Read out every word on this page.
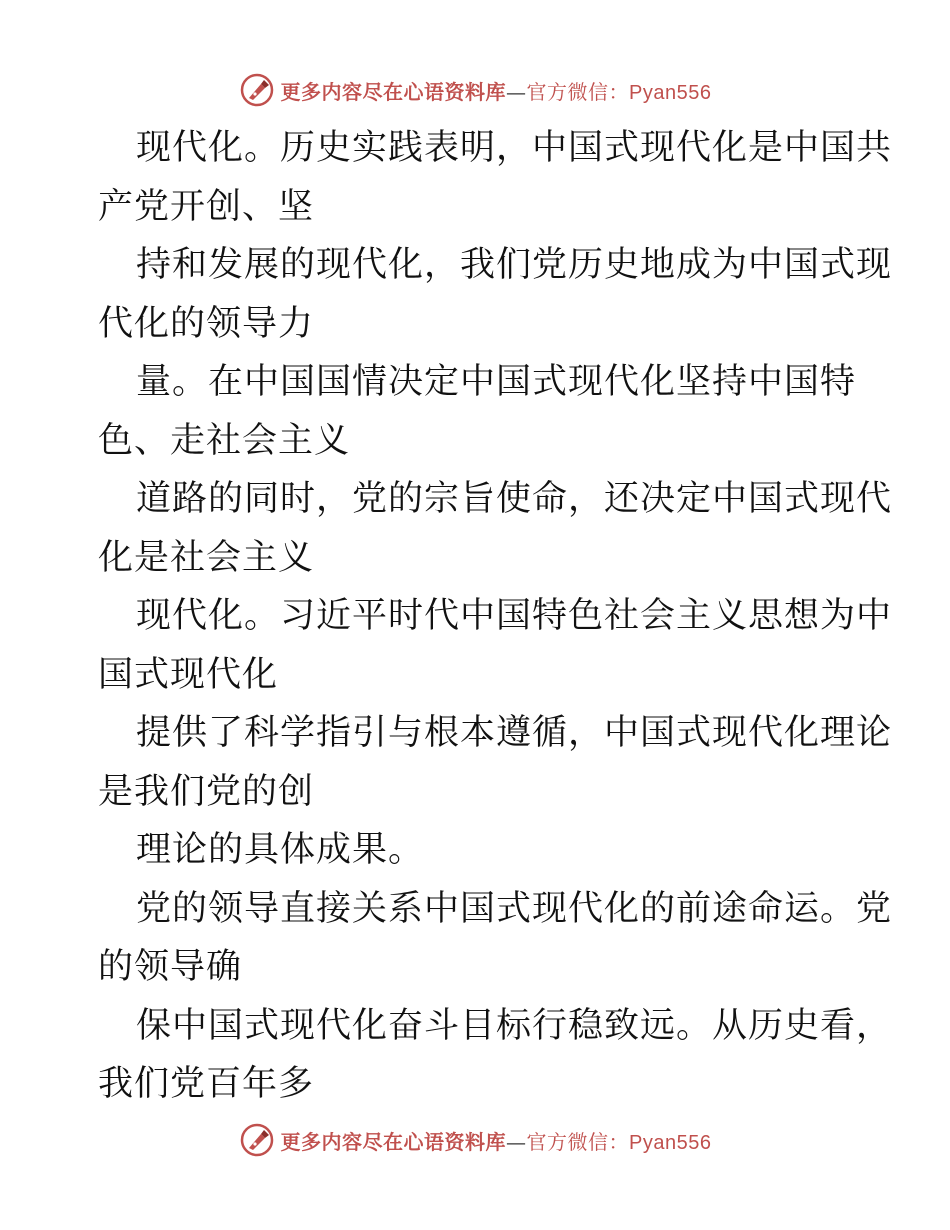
更多内容尽在心语资料库—官方微信：Pyan556
现代化。历史实践表明，中国式现代化是中国共
产党开创、坚
持和发展的现代化，我们党历史地成为中国式现
代化的领导力
量。在中国国情决定中国式现代化坚持中国特
色、走社会主义
道路的同时，党的宗旨使命，还决定中国式现代
化是社会主义
现代化。习近平时代中国特色社会主义思想为中
国式现代化
提供了科学指引与根本遵循，中国式现代化理论
是我们党的创
理论的具体成果。
党的领导直接关系中国式现代化的前途命运。党
的领导确
保中国式现代化奋斗目标行稳致远。从历史看，
我们党百年多
更多内容尽在心语资料库—官方微信：Pyan556
